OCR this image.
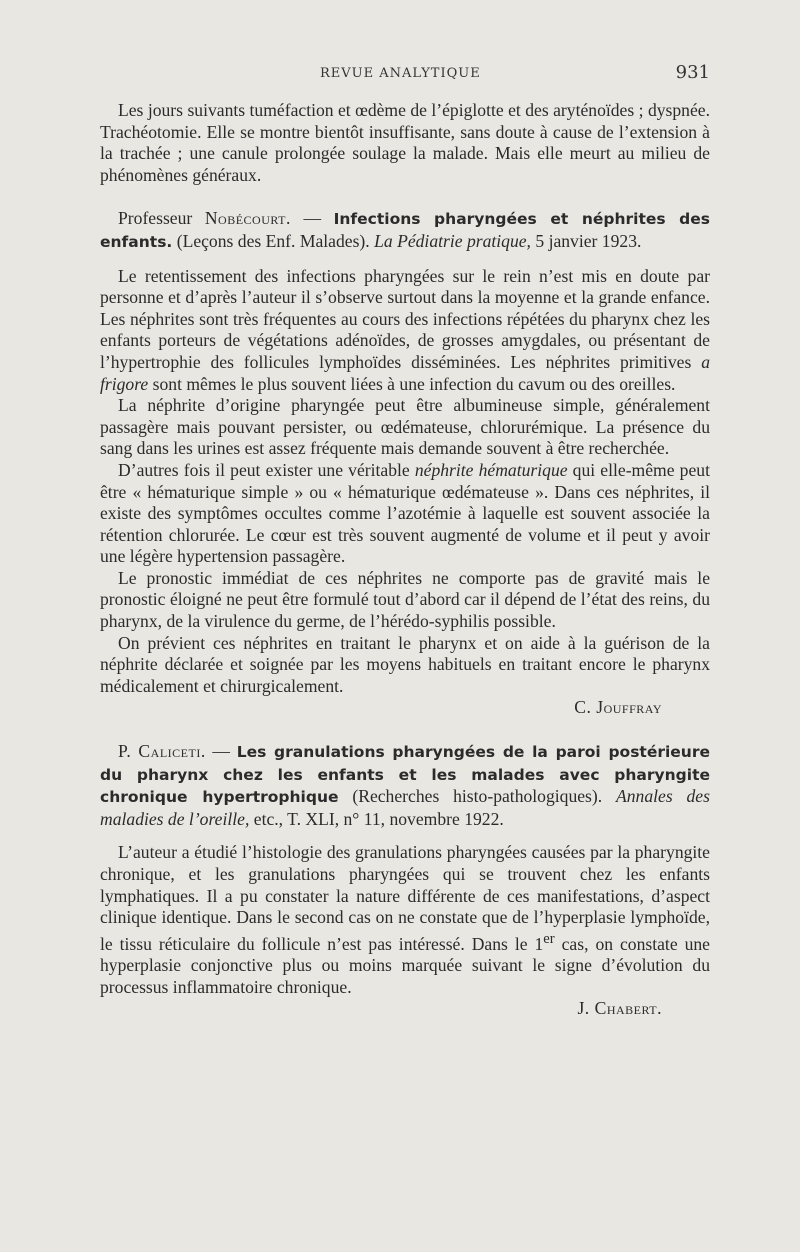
REVUE ANALYTIQUE	931

Les jours suivants tuméfaction et œdème de l’épiglotte et des aryténoïdes ; dyspnée. Trachéotomie. Elle se montre bientôt insuffisante, sans doute à cause de l’extension à la trachée ; une canule prolongée soulage la malade. Mais elle meurt au milieu de phénomènes généraux.

Professeur Nobécourt. — Infections pharyngées et néphrites des enfants. (Leçons des Enf. Malades). La Pédiatrie pratique, 5 janvier 1923.

Le retentissement des infections pharyngées sur le rein n’est mis en doute par personne et d’après l’auteur il s’observe surtout dans la moyenne et la grande enfance. Les néphrites sont très fréquentes au cours des infections répétées du pharynx chez les enfants porteurs de végétations adénoïdes, de grosses amygdales, ou présentant de l’hypertrophie des follicules lymphoïdes disséminées. Les néphrites primitives a frigore sont mêmes le plus souvent liées à une infection du cavum ou des oreilles.

La néphrite d’origine pharyngée peut être albumineuse simple, généralement passagère mais pouvant persister, ou œdémateuse, chlorurémique. La présence du sang dans les urines est assez fréquente mais demande souvent à être recherchée.

D’autres fois il peut exister une véritable néphrite hématurique qui elle-même peut être « hématurique simple » ou « hématurique œdémateuse ». Dans ces néphrites, il existe des symptômes occultes comme l’azotémie à laquelle est souvent associée la rétention chlorurée. Le cœur est très souvent augmenté de volume et il peut y avoir une légère hypertension passagère.

Le pronostic immédiat de ces néphrites ne comporte pas de gravité mais le pronostic éloigné ne peut être formulé tout d’abord car il dépend de l’état des reins, du pharynx, de la virulence du germe, de l’hérédo-syphilis possible.

On prévient ces néphrites en traitant le pharynx et on aide à la guérison de la néphrite déclarée et soignée par les moyens habituels en traitant encore le pharynx médicalement et chirurgicalement.

C. Jouffray

P. Caliceti. — Les granulations pharyngées de la paroi postérieure du pharynx chez les enfants et les malades avec pharyngite chronique hypertrophique (Recherches histo-pathologiques). Annales des maladies de l’oreille, etc., T. XLI, n° 11, novembre 1922.

L’auteur a étudié l’histologie des granulations pharyngées causées par la pharyngite chronique, et les granulations pharyngées qui se trouvent chez les enfants lymphatiques. Il a pu constater la nature différente de ces manifestations, d’aspect clinique identique. Dans le second cas on ne constate que de l’hyperplasie lymphoïde, le tissu réticulaire du follicule n’est pas intéressé. Dans le 1er cas, on constate une hyperplasie conjonctive plus ou moins marquée suivant le signe d’évolution du processus inflammatoire chronique.

J. Chabert.
